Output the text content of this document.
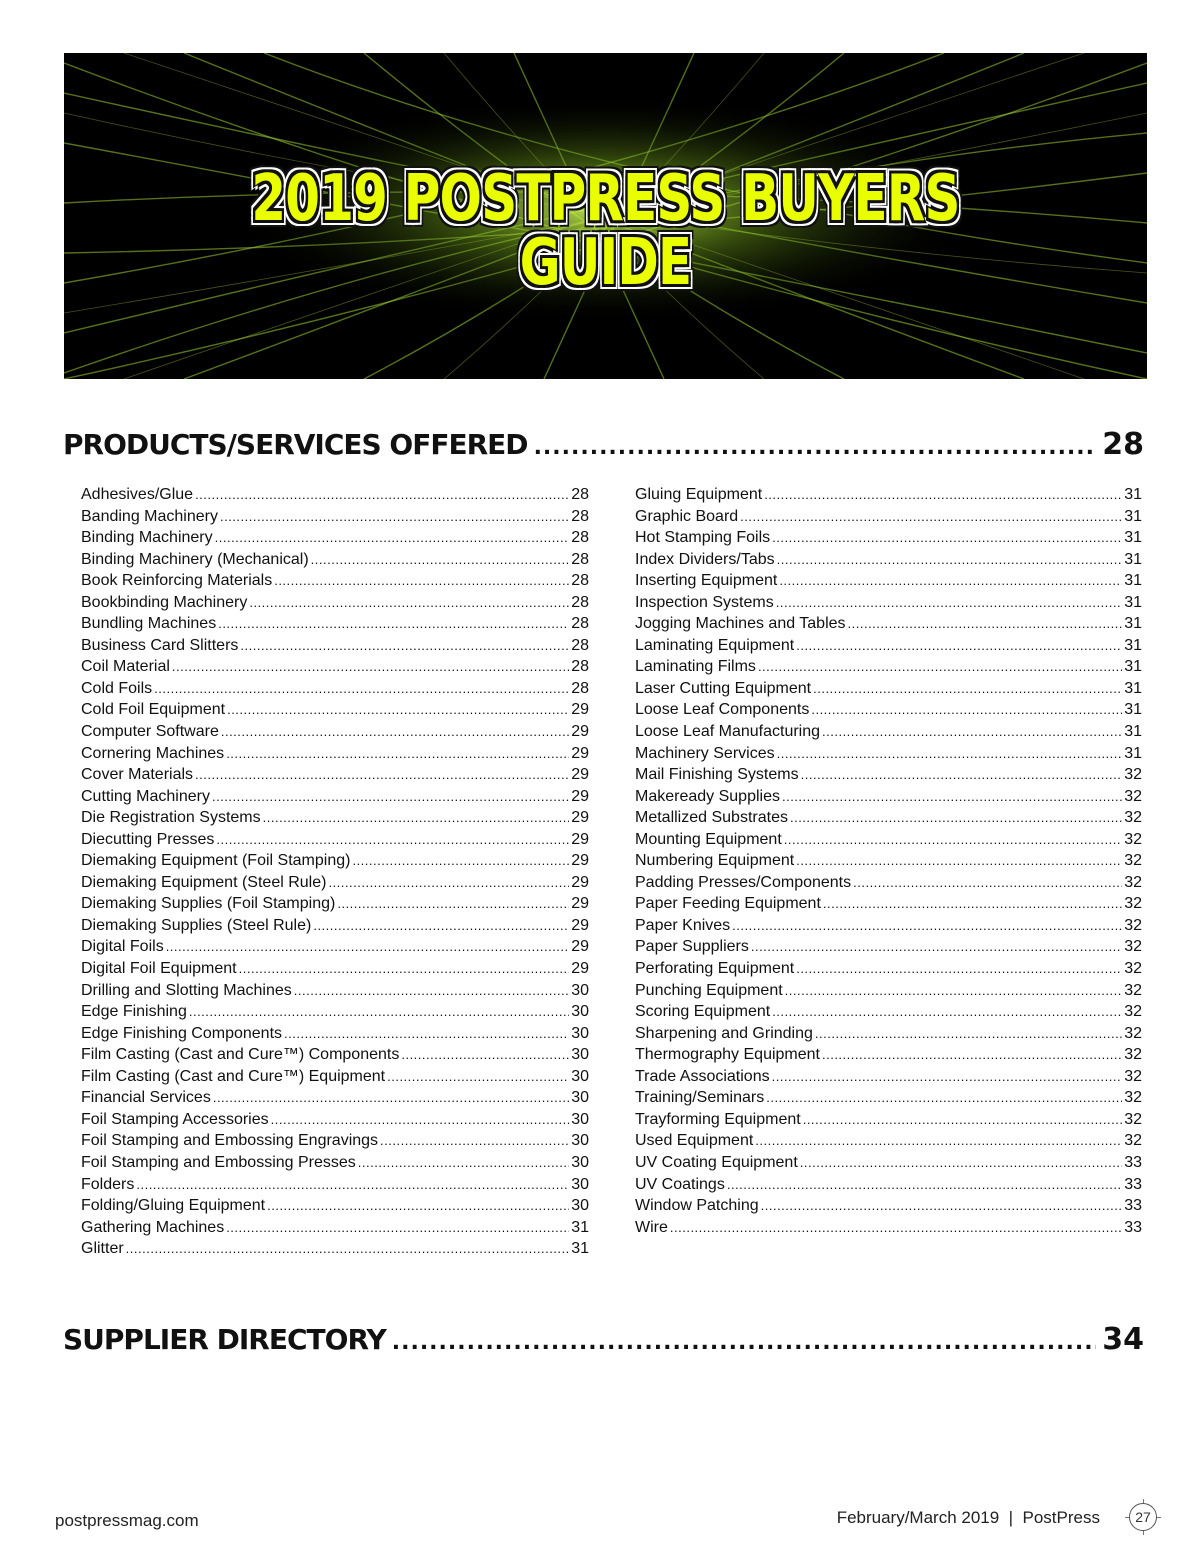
2019 POSTPRESS BUYERS GUIDE
PRODUCTS/SERVICES OFFERED .....	28
Adhesives/Glue .....	28
Banding Machinery .....	28
Binding Machinery .....	28
Binding Machinery (Mechanical) .....	28
Book Reinforcing Materials .....	28
Bookbinding Machinery .....	28
Bundling Machines .....	28
Business Card Slitters .....	28
Coil Material .....	28
Cold Foils .....	28
Cold Foil Equipment .....	29
Computer Software .....	29
Cornering Machines .....	29
Cover Materials .....	29
Cutting Machinery .....	29
Die Registration Systems .....	29
Diecutting Presses .....	29
Diemaking Equipment (Foil Stamping) .....	29
Diemaking Equipment (Steel Rule) .....	29
Diemaking Supplies (Foil Stamping) .....	29
Diemaking Supplies (Steel Rule) .....	29
Digital Foils .....	29
Digital Foil Equipment .....	29
Drilling and Slotting Machines .....	30
Edge Finishing .....	30
Edge Finishing Components .....	30
Film Casting (Cast and Cure™) Components .....	30
Film Casting (Cast and Cure™) Equipment .....	30
Financial Services .....	30
Foil Stamping Accessories .....	30
Foil Stamping and Embossing Engravings .....	30
Foil Stamping and Embossing Presses .....	30
Folders .....	30
Folding/Gluing Equipment .....	30
Gathering Machines .....	31
Glitter .....	31
Gluing Equipment .....	31
Graphic Board .....	31
Hot Stamping Foils .....	31
Index Dividers/Tabs .....	31
Inserting Equipment .....	31
Inspection Systems .....	31
Jogging Machines and Tables .....	31
Laminating Equipment .....	31
Laminating Films .....	31
Laser Cutting Equipment .....	31
Loose Leaf Components .....	31
Loose Leaf Manufacturing .....	31
Machinery Services .....	31
Mail Finishing Systems .....	32
Makeready Supplies .....	32
Metallized Substrates .....	32
Mounting Equipment .....	32
Numbering Equipment .....	32
Padding Presses/Components .....	32
Paper Feeding Equipment .....	32
Paper Knives .....	32
Paper Suppliers .....	32
Perforating Equipment .....	32
Punching Equipment .....	32
Scoring Equipment .....	32
Sharpening and Grinding .....	32
Thermography Equipment .....	32
Trade Associations .....	32
Training/Seminars .....	32
Trayforming Equipment .....	32
Used Equipment .....	32
UV Coating Equipment .....	33
UV Coatings .....	33
Window Patching .....	33
Wire .....	33
SUPPLIER DIRECTORY .....	34
postpressmag.com	February/March 2019  |  PostPress	27
